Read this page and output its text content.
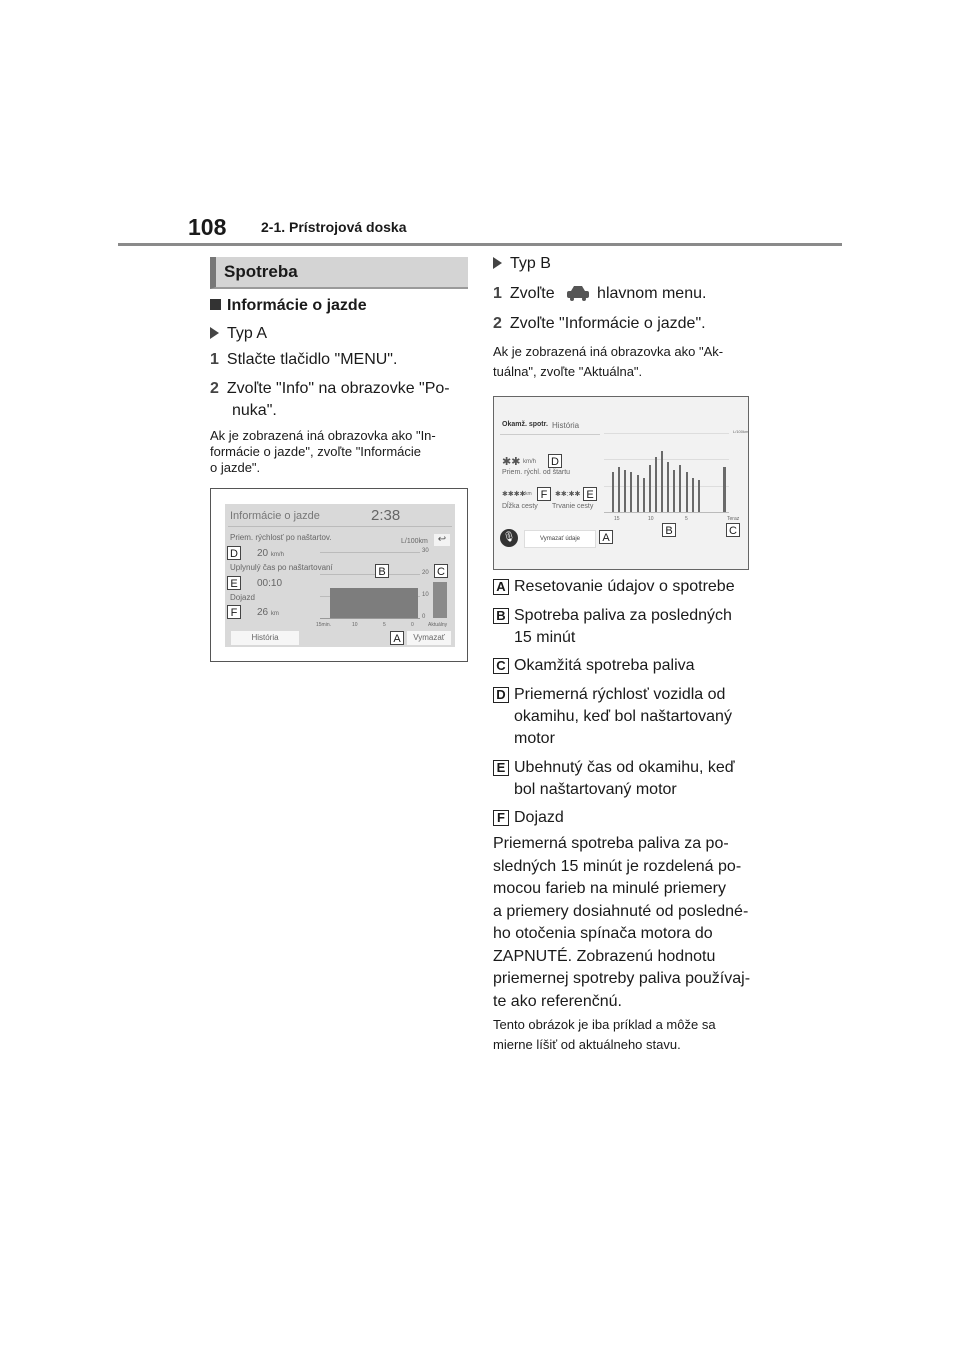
108 2-1. Prístrojová doska
Spotreba
Informácie o jazde
Typ A
1 Stlačte tlačidlo "MENU".
2 Zvoľte "Info" na obrazovke "Po-
nuka".
Ak je zobrazená iná obrazovka ako "In-
formácie o jazde", zvoľte "Informácie
o jazde".
Informácie o jazde	2:38
Priem. rýchlosť po naštartov.
20 km/h
Uplynulý čas po naštartovaní
00:10
Dojazd
26 km
L/100km ↩
30
20
10
0
15min.	10	5	0	Aktuálny
História	Vymazať
D
E
F
B	C
A
Typ B
1 Zvoľte	hlavnom menu.
2 Zvoľte "Informácie o jazde".
Ak je zobrazená iná obrazovka ako "Ak-
tuálna", zvoľte "Aktuálna".
Okamž. spotr. História
✱✱ km/h
Priem. rýchl. od štartu
✱✱✱✱ km	✱✱:✱✱
Dĺžka cesty Trvanie cesty
L/100km
15	10	5	Teraz
🎙	Vymazať údaje
D
F	E
A
B	C
A Resetovanie údajov o spotrebe
B Spotreba paliva za posledných
15 minút
C Okamžitá spotreba paliva
D Priemerná rýchlosť vozidla od
okamihu, keď bol naštartovaný
motor
E Ubehnutý čas od okamihu, keď
bol naštartovaný motor
F Dojazd
Priemerná spotreba paliva za po-
sledných 15 minút je rozdelená po-
mocou farieb na minulé priemery
a priemery dosiahnuté od posledné-
ho otočenia spínača motora do
ZAPNUTÉ. Zobrazenú hodnotu
priemernej spotreby paliva používaj-
te ako referenčnú.
Tento obrázok je iba príklad a môže sa
mierne líšiť od aktuálneho stavu.
